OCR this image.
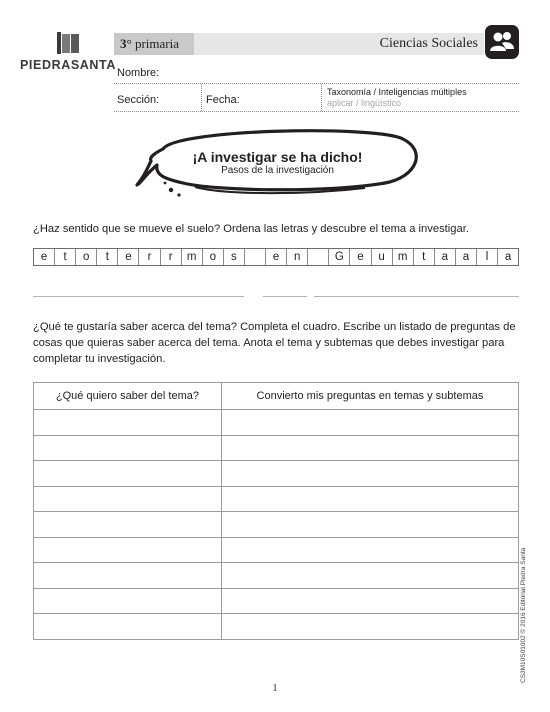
PIEDRASANTA
3° primaria	Ciencias Sociales
Nombre:
Sección:	Fecha:
Taxonomía / Inteligencias múltiples
aplicar / lingüístico
¡A investigar se ha dicho!
Pasos de la investigación
¿Haz sentido que se mueve el suelo? Ordena las letras y descubre el tema a investigar.
e	t	o	t	e	r	r	m	o	s	e	n	G	e	u	m	t	a	a	l	a
¿Qué te gustaría saber acerca del tema? Completa el cuadro. Escribe un listado de preguntas de cosas que quieras saber acerca del tema. Anota el tema y subtemas que debes investigar para completar tu investigación.
¿Qué quiero saber del tema?	Convierto mis preguntas en temas y subtemas

1
CS3M10S01002 © 2016 Editorial Piedra Santa
